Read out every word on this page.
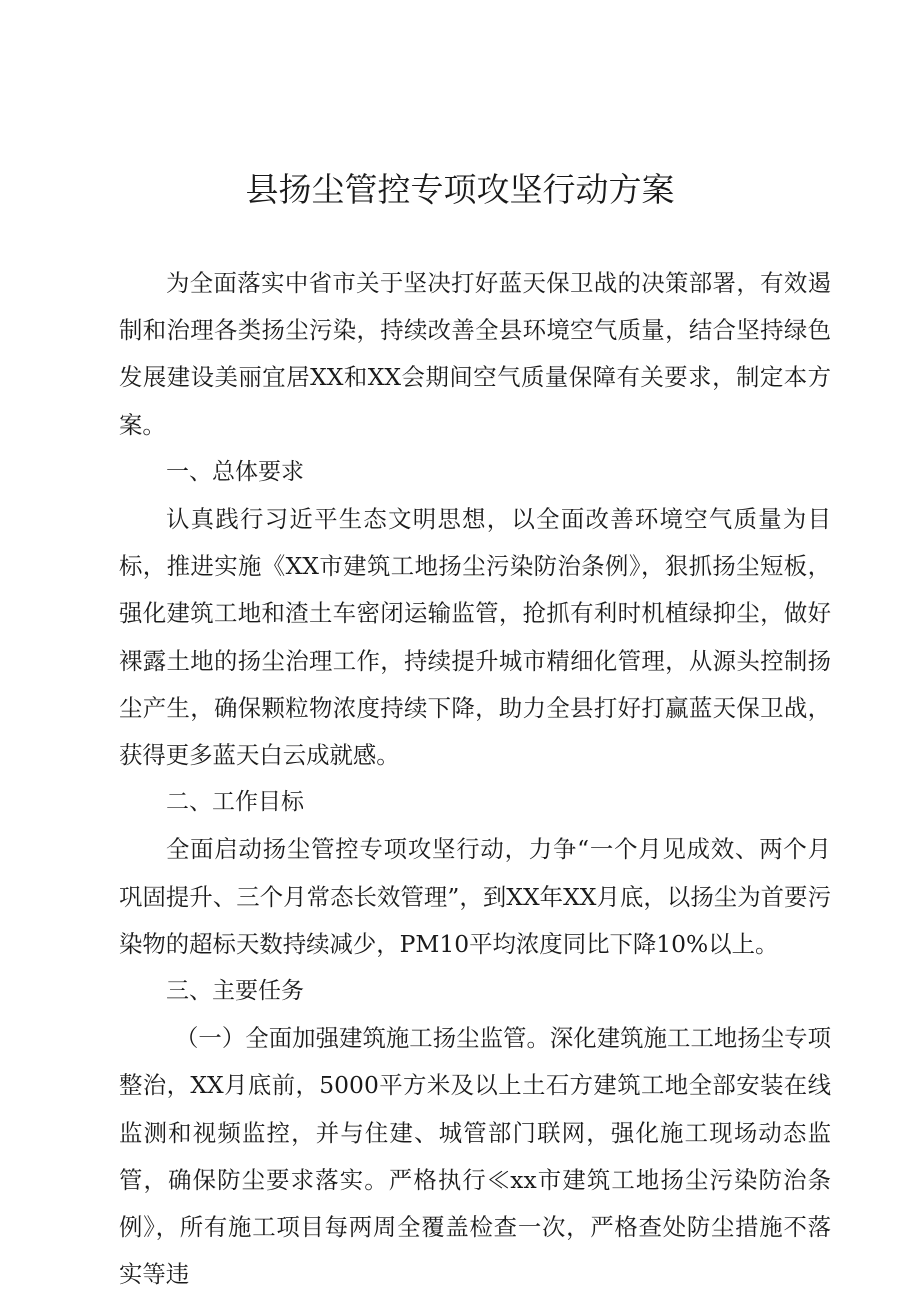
县扬尘管控专项攻坚行动方案

为全面落实中省市关于坚决打好蓝天保卫战的决策部署，有效遏制和治理各类扬尘污染，持续改善全县环境空气质量，结合坚持绿色发展建设美丽宜居XX和XX会期间空气质量保障有关要求，制定本方案。

一、总体要求

认真践行习近平生态文明思想，以全面改善环境空气质量为目标，推进实施《XX市建筑工地扬尘污染防治条例》，狠抓扬尘短板，强化建筑工地和渣土车密闭运输监管，抢抓有利时机植绿抑尘，做好裸露土地的扬尘治理工作，持续提升城市精细化管理，从源头控制扬尘产生，确保颗粒物浓度持续下降，助力全县打好打赢蓝天保卫战，获得更多蓝天白云成就感。

二、工作目标

全面启动扬尘管控专项攻坚行动，力争“一个月见成效、两个月巩固提升、三个月常态长效管理”，到XX年XX月底，以扬尘为首要污染物的超标天数持续减少，PM10平均浓度同比下降10%以上。

三、主要任务

（一）全面加强建筑施工扬尘监管。深化建筑施工工地扬尘专项整治，XX月底前，5000平方米及以上土石方建筑工地全部安装在线监测和视频监控，并与住建、城管部门联网，强化施工现场动态监管，确保防尘要求落实。严格执行≪xx市建筑工地扬尘污染防治条例》，所有施工项目每两周全覆盖检查一次，严格查处防尘措施不落实等违
